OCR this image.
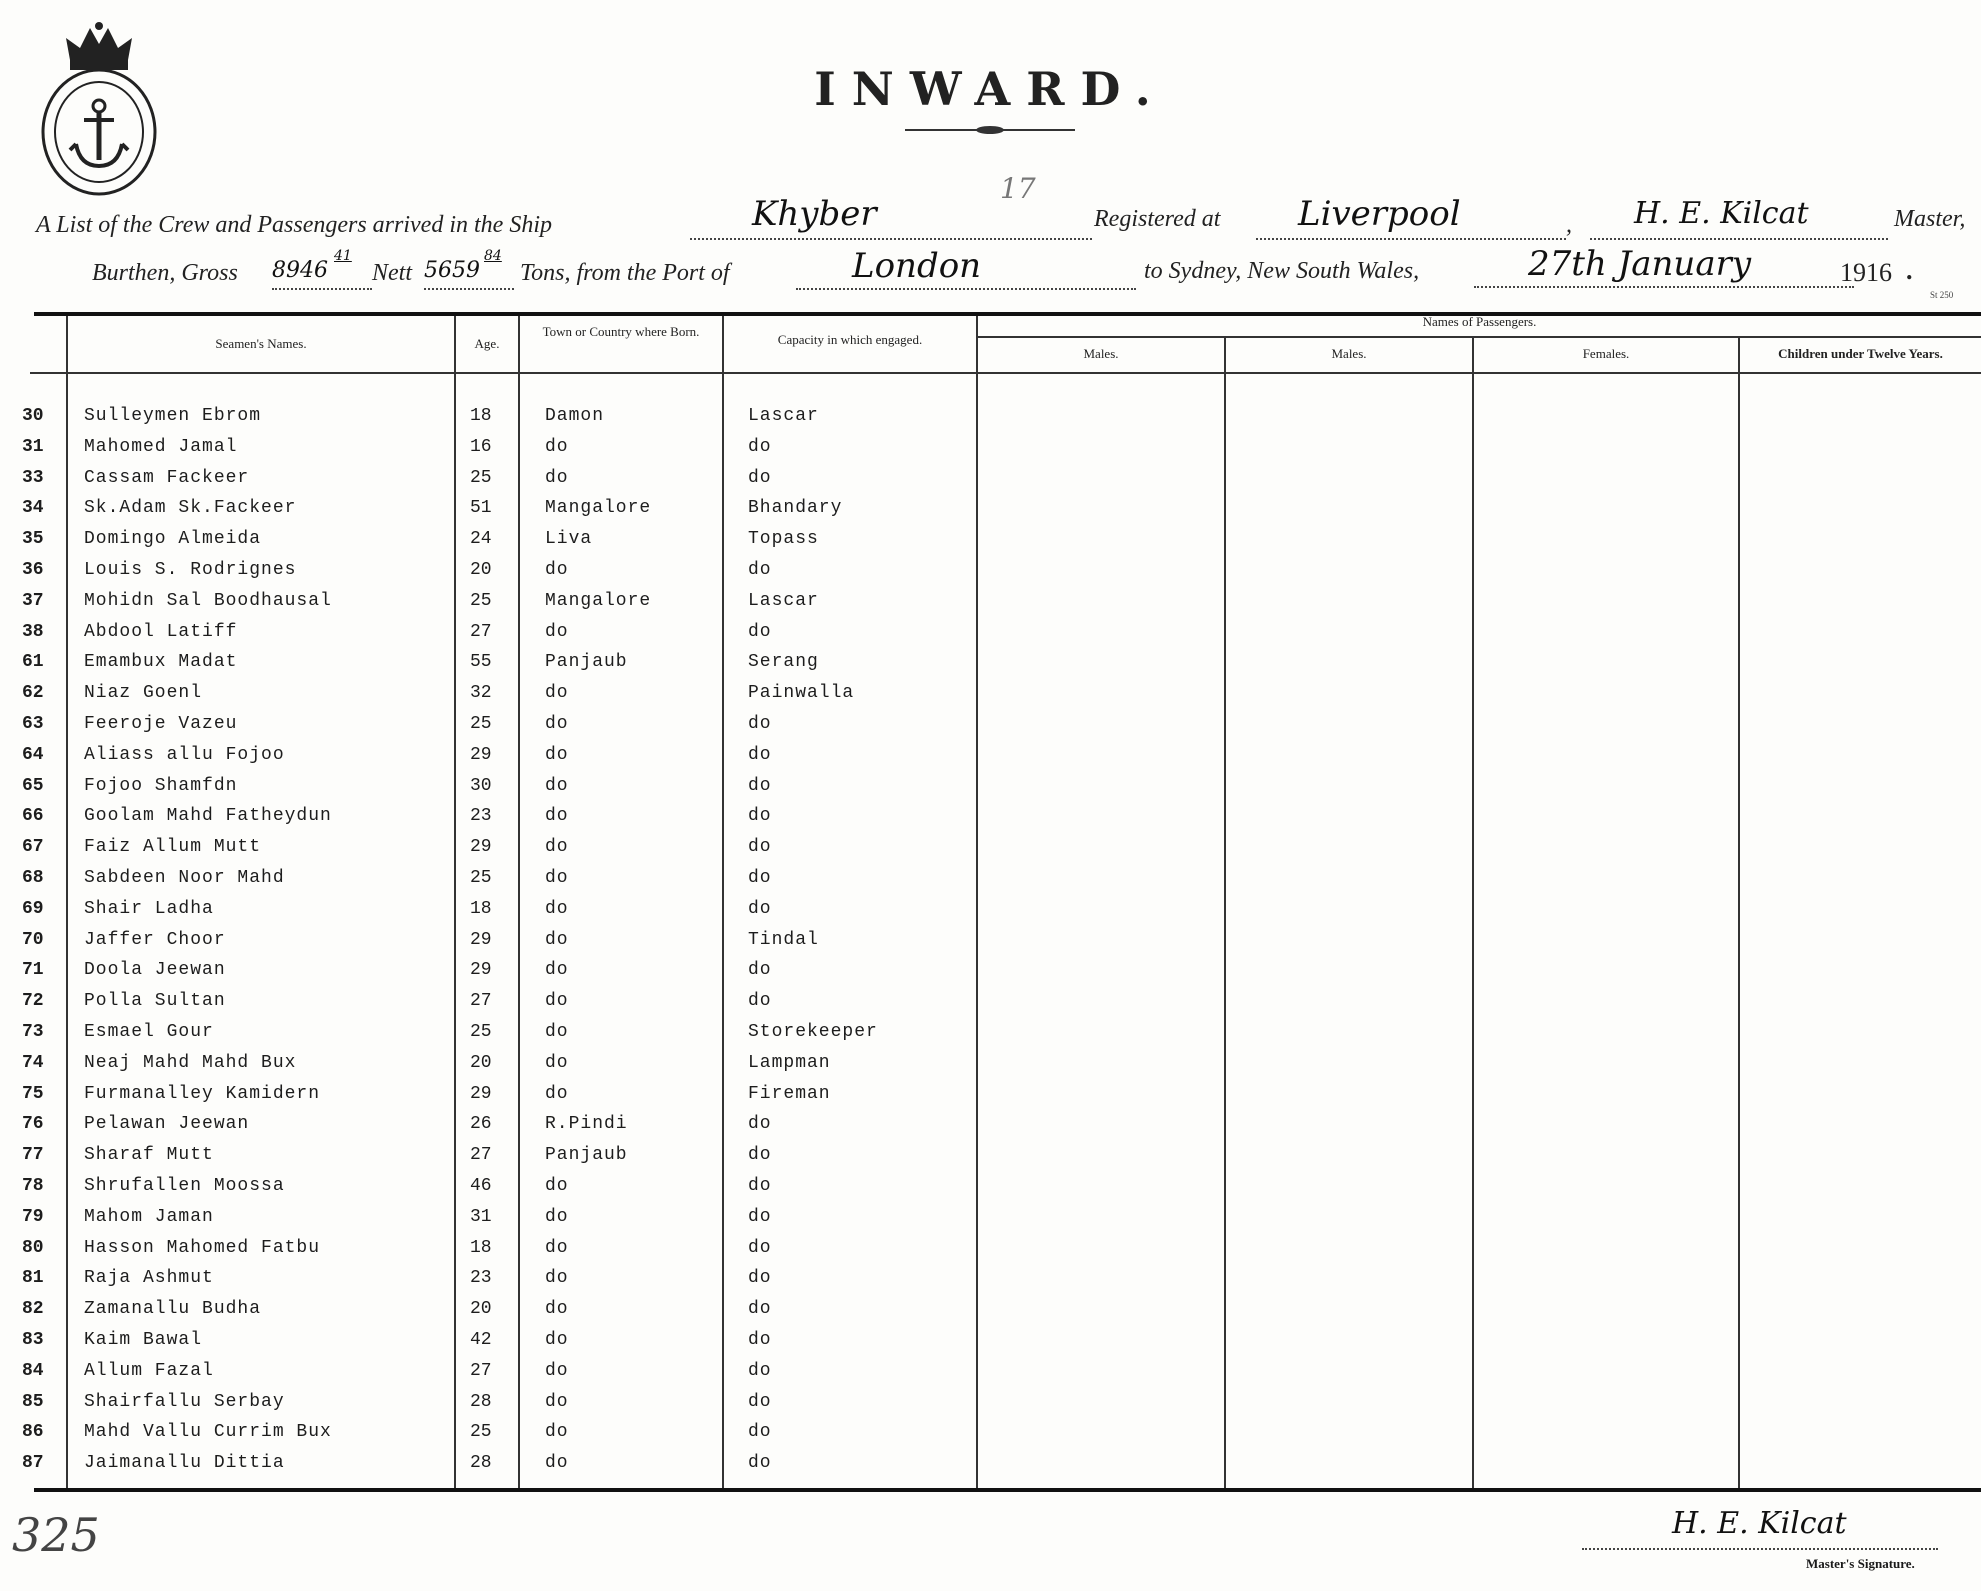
INWARD.
17
A List of the Crew and Passengers arrived in the Ship	Khyber	Registered at Liverpool	, H. E. Kilcat	Master,
Burthen, Gross 8946
41
Nett 5659
84
Tons, from the Port of	London	to Sydney, New South Wales,	27th January	1916 .
St 250
Seamen's Names.	Age.
Town or Country where Born.
Capacity in which engaged.
Names of Passengers.
Males.	Males.	Females.	Children under Twelve Years.
30 Sulleymen Ebrom	18	Damon	Lascar
31 Mahomed Jamal	16	do	do
33 Cassam Fackeer	25	do	do
34 Sk.Adam Sk.Fackeer	51	Mangalore	Bhandary
35 Domingo Almeida	24	Liva	Topass
36 Louis S. Rodrignes	20	do	do
37 Mohidn Sal Boodhausal	25	Mangalore	Lascar
38 Abdool Latiff	27	do	do
61 Emambux Madat	55	Panjaub	Serang
62 Niaz Goenl	32	do	Painwalla
63 Feeroje Vazeu	25	do	do
64 Aliass allu Fojoo	29	do	do
65 Fojoo Shamfdn	30	do	do
66 Goolam Mahd Fatheydun	23	do	do
67 Faiz Allum Mutt	29	do	do
68 Sabdeen Noor Mahd	25	do	do
69 Shair Ladha	18	do	do
70 Jaffer Choor	29	do	Tindal
71 Doola Jeewan	29	do	do
72 Polla Sultan	27	do	do
73 Esmael Gour	25	do	Storekeeper
74 Neaj Mahd Mahd Bux	20	do	Lampman
75 Furmanalley Kamidern	29	do	Fireman
76 Pelawan Jeewan	26	R.Pindi	do
77 Sharaf Mutt	27	Panjaub	do
78 Shrufallen Moossa	46	do	do
79 Mahom Jaman	31	do	do
80 Hasson Mahomed Fatbu	18	do	do
81 Raja Ashmut	23	do	do
82 Zamanallu Budha	20	do	do
83 Kaim Bawal	42	do	do
84 Allum Fazal	27	do	do
85 Shairfallu Serbay	28	do	do
86 Mahd Vallu Currim Bux	25	do	do
87 Jaimanallu Dittia	28	do	do
325	H. E. Kilcat
Master's Signature.
